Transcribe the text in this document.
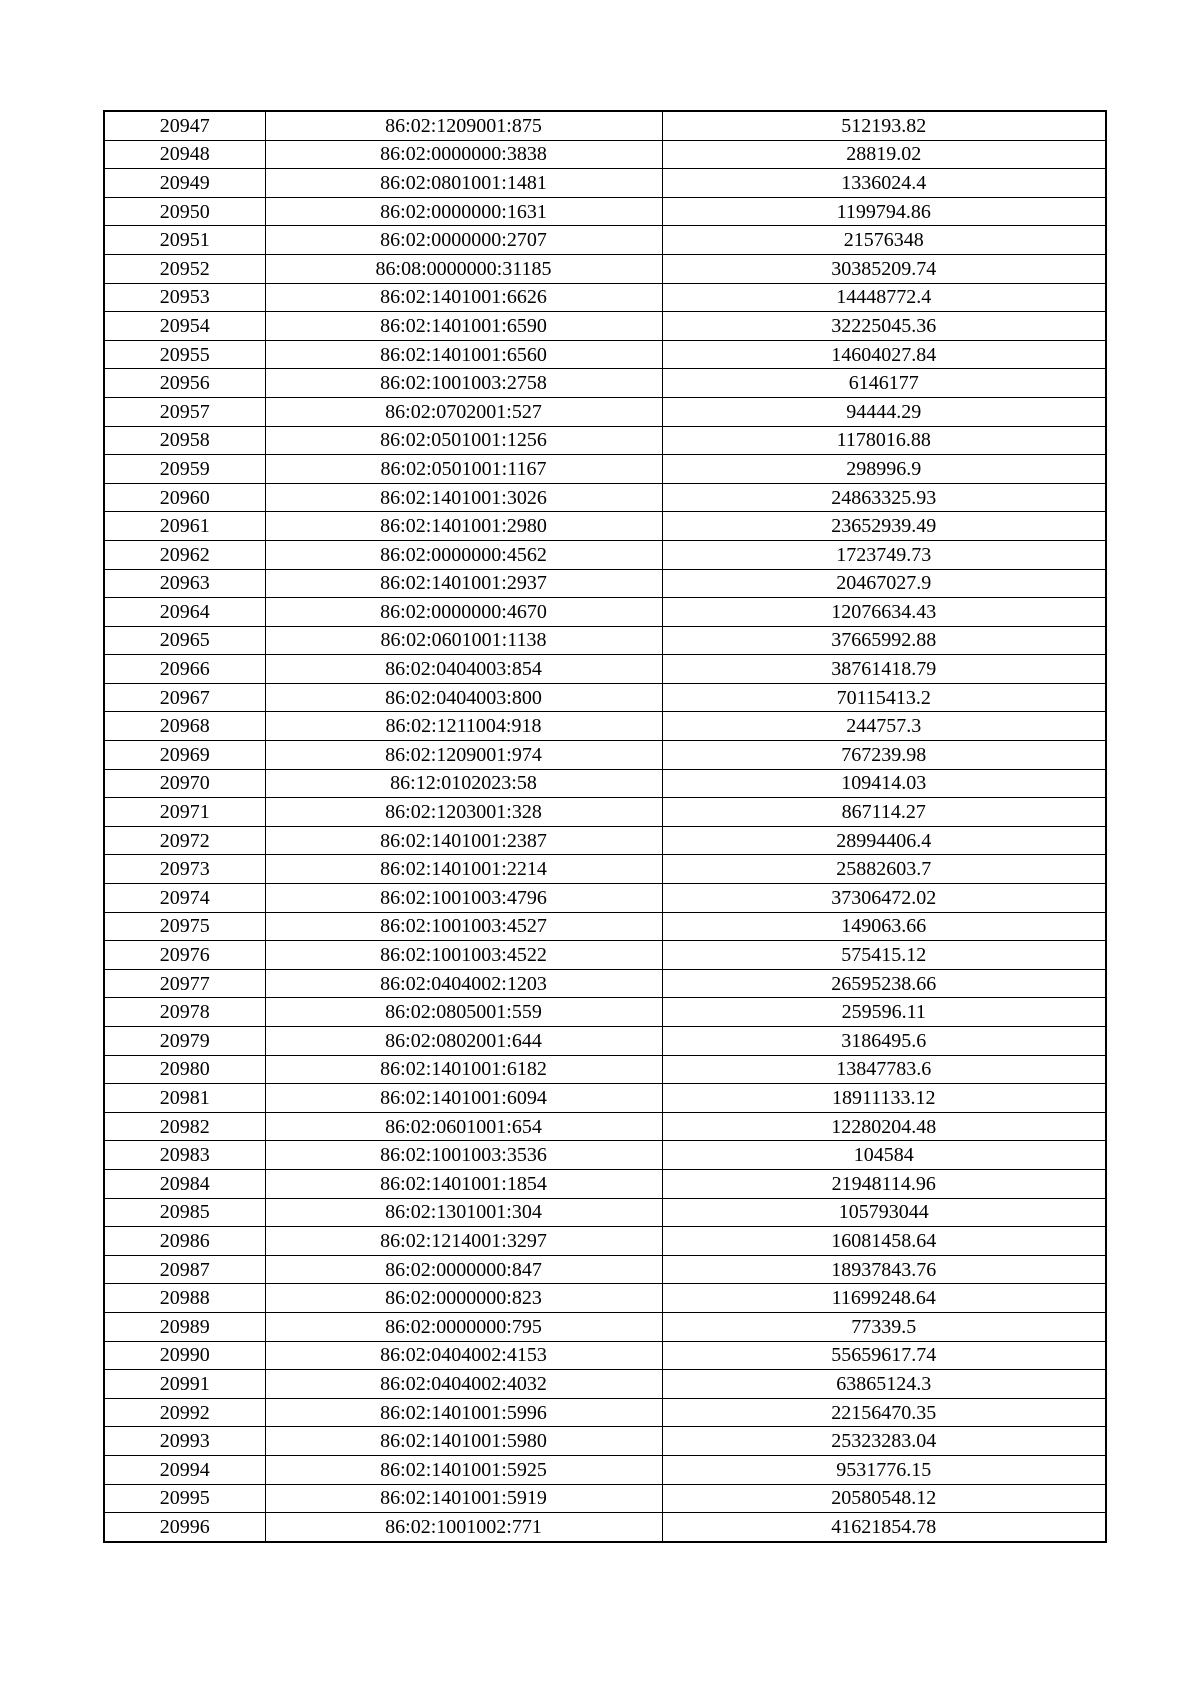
20947	86:02:1209001:875	512193.82
20948	86:02:0000000:3838	28819.02
20949	86:02:0801001:1481	1336024.4
20950	86:02:0000000:1631	1199794.86
20951	86:02:0000000:2707	21576348
20952	86:08:0000000:31185	30385209.74
20953	86:02:1401001:6626	14448772.4
20954	86:02:1401001:6590	32225045.36
20955	86:02:1401001:6560	14604027.84
20956	86:02:1001003:2758	6146177
20957	86:02:0702001:527	94444.29
20958	86:02:0501001:1256	1178016.88
20959	86:02:0501001:1167	298996.9
20960	86:02:1401001:3026	24863325.93
20961	86:02:1401001:2980	23652939.49
20962	86:02:0000000:4562	1723749.73
20963	86:02:1401001:2937	20467027.9
20964	86:02:0000000:4670	12076634.43
20965	86:02:0601001:1138	37665992.88
20966	86:02:0404003:854	38761418.79
20967	86:02:0404003:800	70115413.2
20968	86:02:1211004:918	244757.3
20969	86:02:1209001:974	767239.98
20970	86:12:0102023:58	109414.03
20971	86:02:1203001:328	867114.27
20972	86:02:1401001:2387	28994406.4
20973	86:02:1401001:2214	25882603.7
20974	86:02:1001003:4796	37306472.02
20975	86:02:1001003:4527	149063.66
20976	86:02:1001003:4522	575415.12
20977	86:02:0404002:1203	26595238.66
20978	86:02:0805001:559	259596.11
20979	86:02:0802001:644	3186495.6
20980	86:02:1401001:6182	13847783.6
20981	86:02:1401001:6094	18911133.12
20982	86:02:0601001:654	12280204.48
20983	86:02:1001003:3536	104584
20984	86:02:1401001:1854	21948114.96
20985	86:02:1301001:304	105793044
20986	86:02:1214001:3297	16081458.64
20987	86:02:0000000:847	18937843.76
20988	86:02:0000000:823	11699248.64
20989	86:02:0000000:795	77339.5
20990	86:02:0404002:4153	55659617.74
20991	86:02:0404002:4032	63865124.3
20992	86:02:1401001:5996	22156470.35
20993	86:02:1401001:5980	25323283.04
20994	86:02:1401001:5925	9531776.15
20995	86:02:1401001:5919	20580548.12
20996	86:02:1001002:771	41621854.78
